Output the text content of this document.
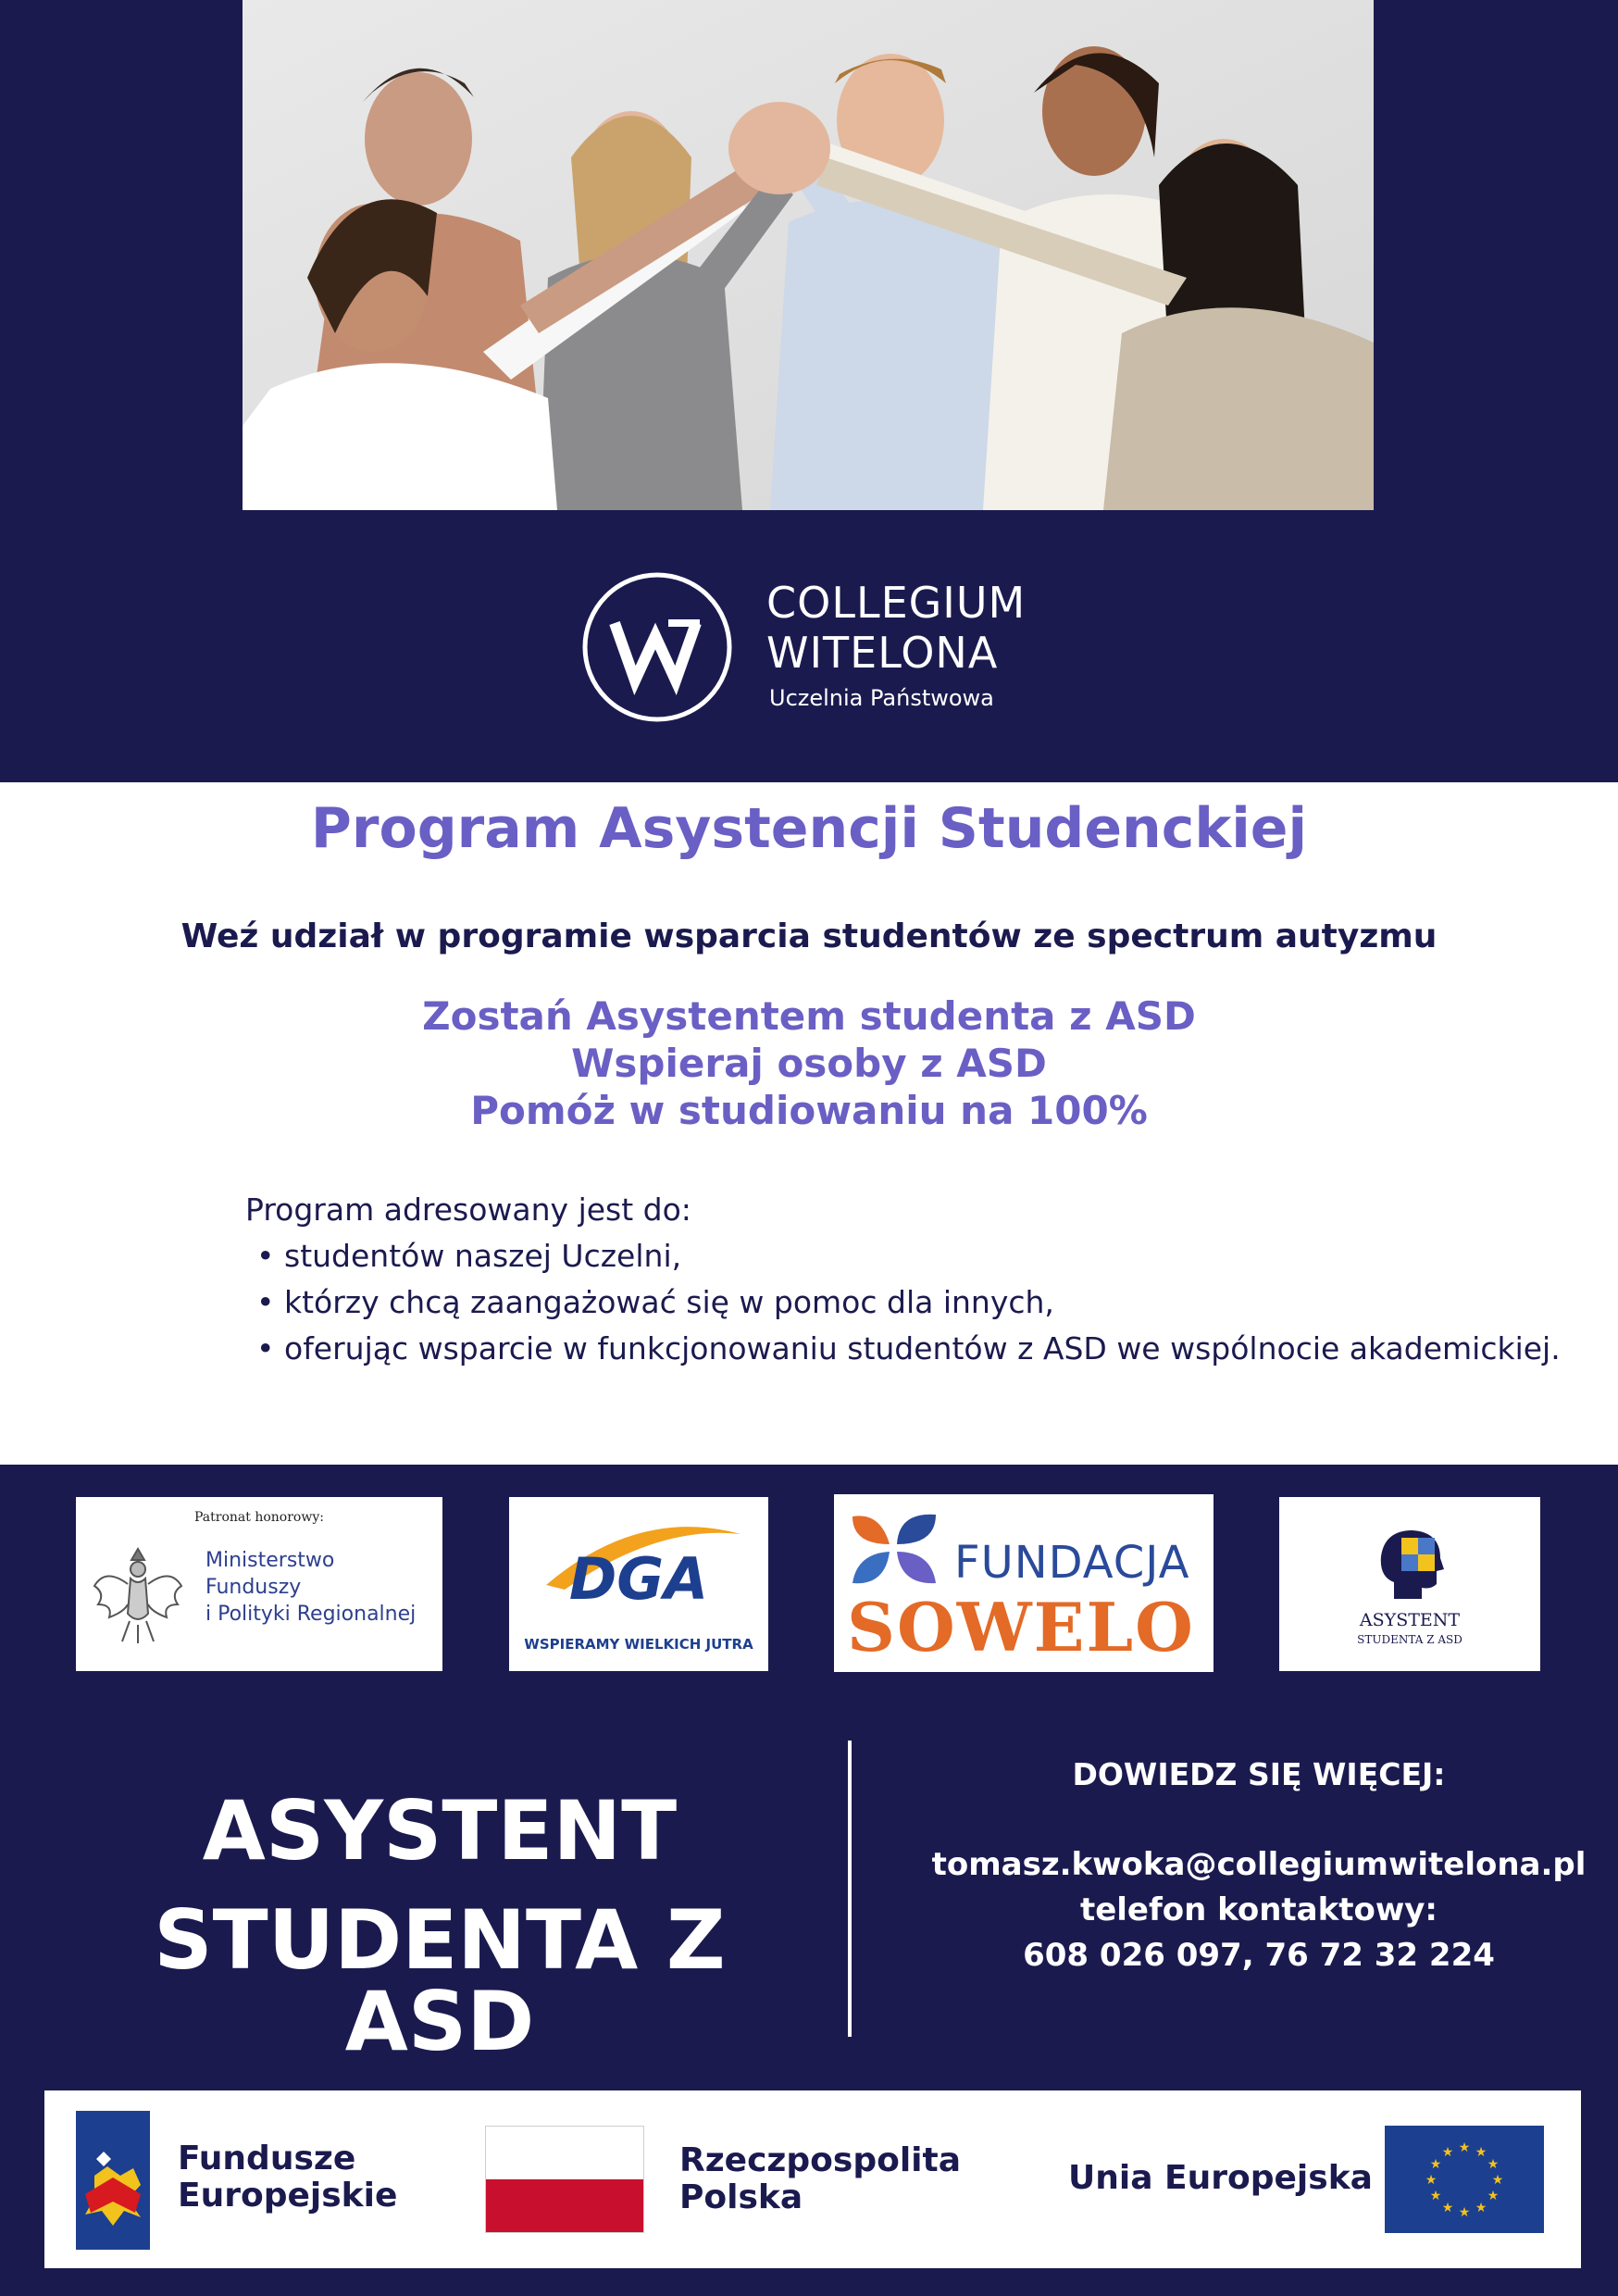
COLLEGIUM
WITELONA
Uczelnia Państwowa
Program Asystencji Studenckiej
Weź udział w programie wsparcia studentów ze spectrum autyzmu
Zostań Asystentem studenta z ASD
Wspieraj osoby z ASD
Pomóż w studiowaniu na 100%
Program adresowany jest do:
• studentów naszej Uczelni,
• którzy chcą zaangażować się w pomoc dla innych,
• oferując wsparcie w funkcjonowaniu studentów z ASD we wspólnocie akademickiej.
Patronat honorowy:
Ministerstwo
Funduszy
i Polityki Regionalnej
DGA
WSPIERAMY WIELKICH JUTRA
FUNDACJA
SOWELO	ASYSTENT
STUDENTA Z ASD
ASYSTENT
STUDENTA Z ASD
DOWIEDZ SIĘ WIĘCEJ:
tomasz.kwoka@collegiumwitelona.pl
telefon kontaktowy:
608 026 097, 76 72 32 224
Fundusze
Europejskie
Rzeczpospolita
Polska
Unia Europejska
★ ★
★
★
★
★
★
★
★
★
★
★
